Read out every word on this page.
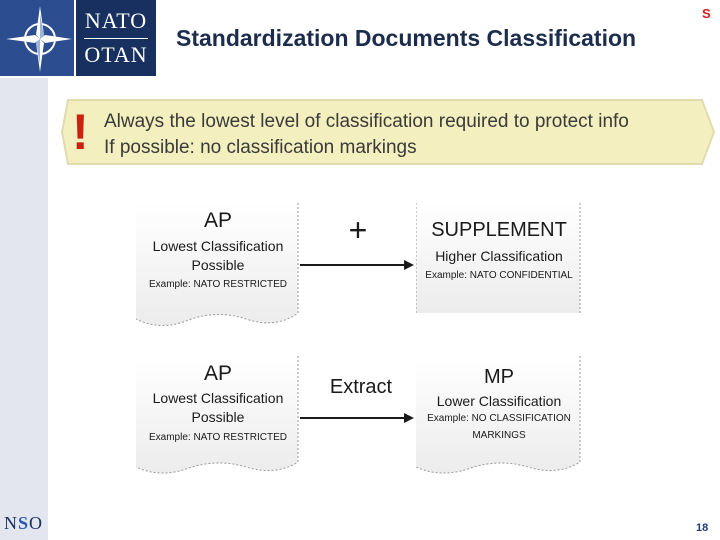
NATO
OTAN
Standardization Documents Classification
S
! Always the lowest level of classification required to protect info
If possible: no classification markings
AP
Lowest Classification
Possible
Example: NATO RESTRICTED
SUPPLEMENT
Higher Classification
Example: NATO CONFIDENTIAL
AP
Lowest Classification
Possible
Example: NATO RESTRICTED
MP
Lower Classification
Example: NO CLASSIFICATION
MARKINGS
+
Extract
NSO	18
